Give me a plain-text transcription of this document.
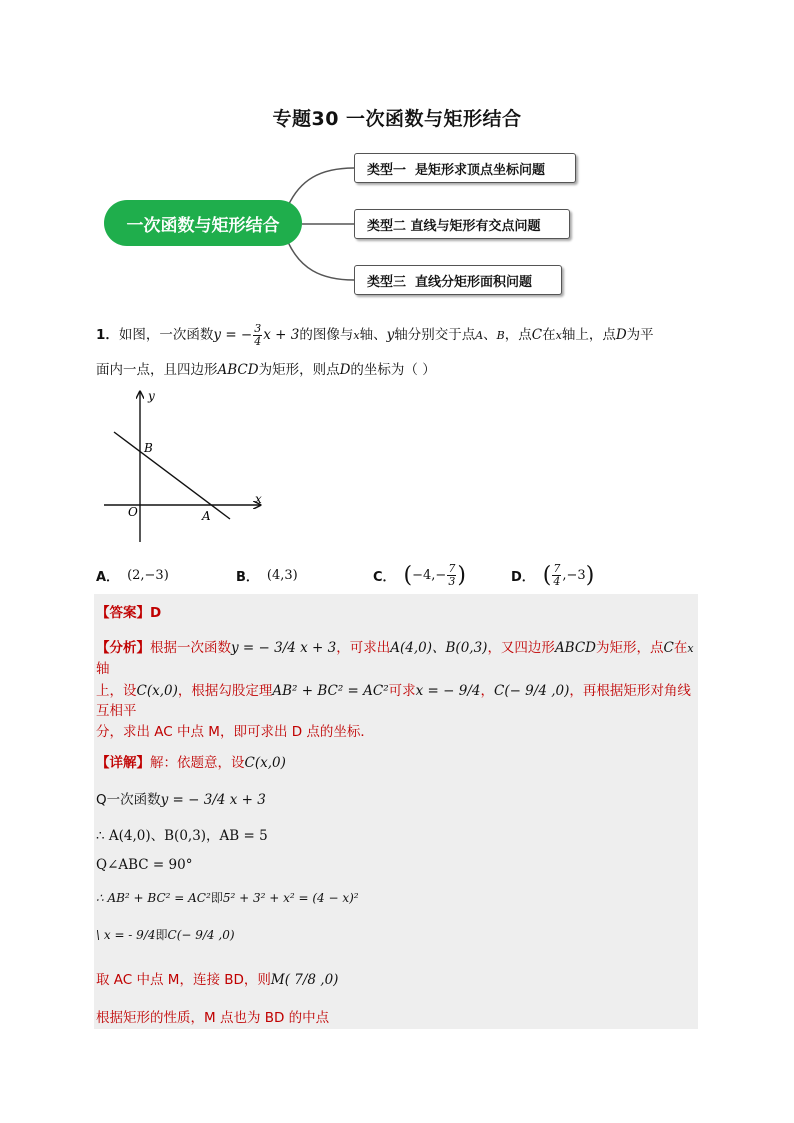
专题30 一次函数与矩形结合
一次函数与矩形结合
类型一  是矩形求顶点坐标问题
类型二 直线与矩形有交点问题
类型三  直线分矩形面积问题
1．如图，一次函数y = − $\frac{3}{4}$ x + 3的图像与x轴、y轴分别交于点A、B，点C在x轴上，点D为平
面内一点，且四边形ABCD为矩形，则点D的坐标为（ ）
y
x
O	A
B
A． (2,−3)	B． (4,3)	C． ( $-4,- \frac{7}{3}$ )	D． ( $\frac{7}{4} ,-3$ )
【答案】D
【分析】根据一次函数y = − 3/4 x + 3，可求出A(4,0)、B(0,3)，又四边形ABCD为矩形，点C在x轴
上，设C(x,0)，根据勾股定理AB² + BC² = AC²可求x = − 9/4，C(− 9/4 ,0)，再根据矩形对角线互相平
分，求出 AC 中点 M，即可求出 D 点的坐标．
【详解】解：依题意，设C(x,0)
Q一次函数y = − 3/4 x + 3
∴ A(4,0)、B(0,3)，AB = 5
Q∠ABC = 90°
∴ AB² + BC² = AC²即5² + 3² + x² = (4 − x)²
\ x = - 9/4即C(− 9/4 ,0)
取 AC 中点 M，连接 BD，则M( 7/8 ,0)
根据矩形的性质，M 点也为 BD 的中点
